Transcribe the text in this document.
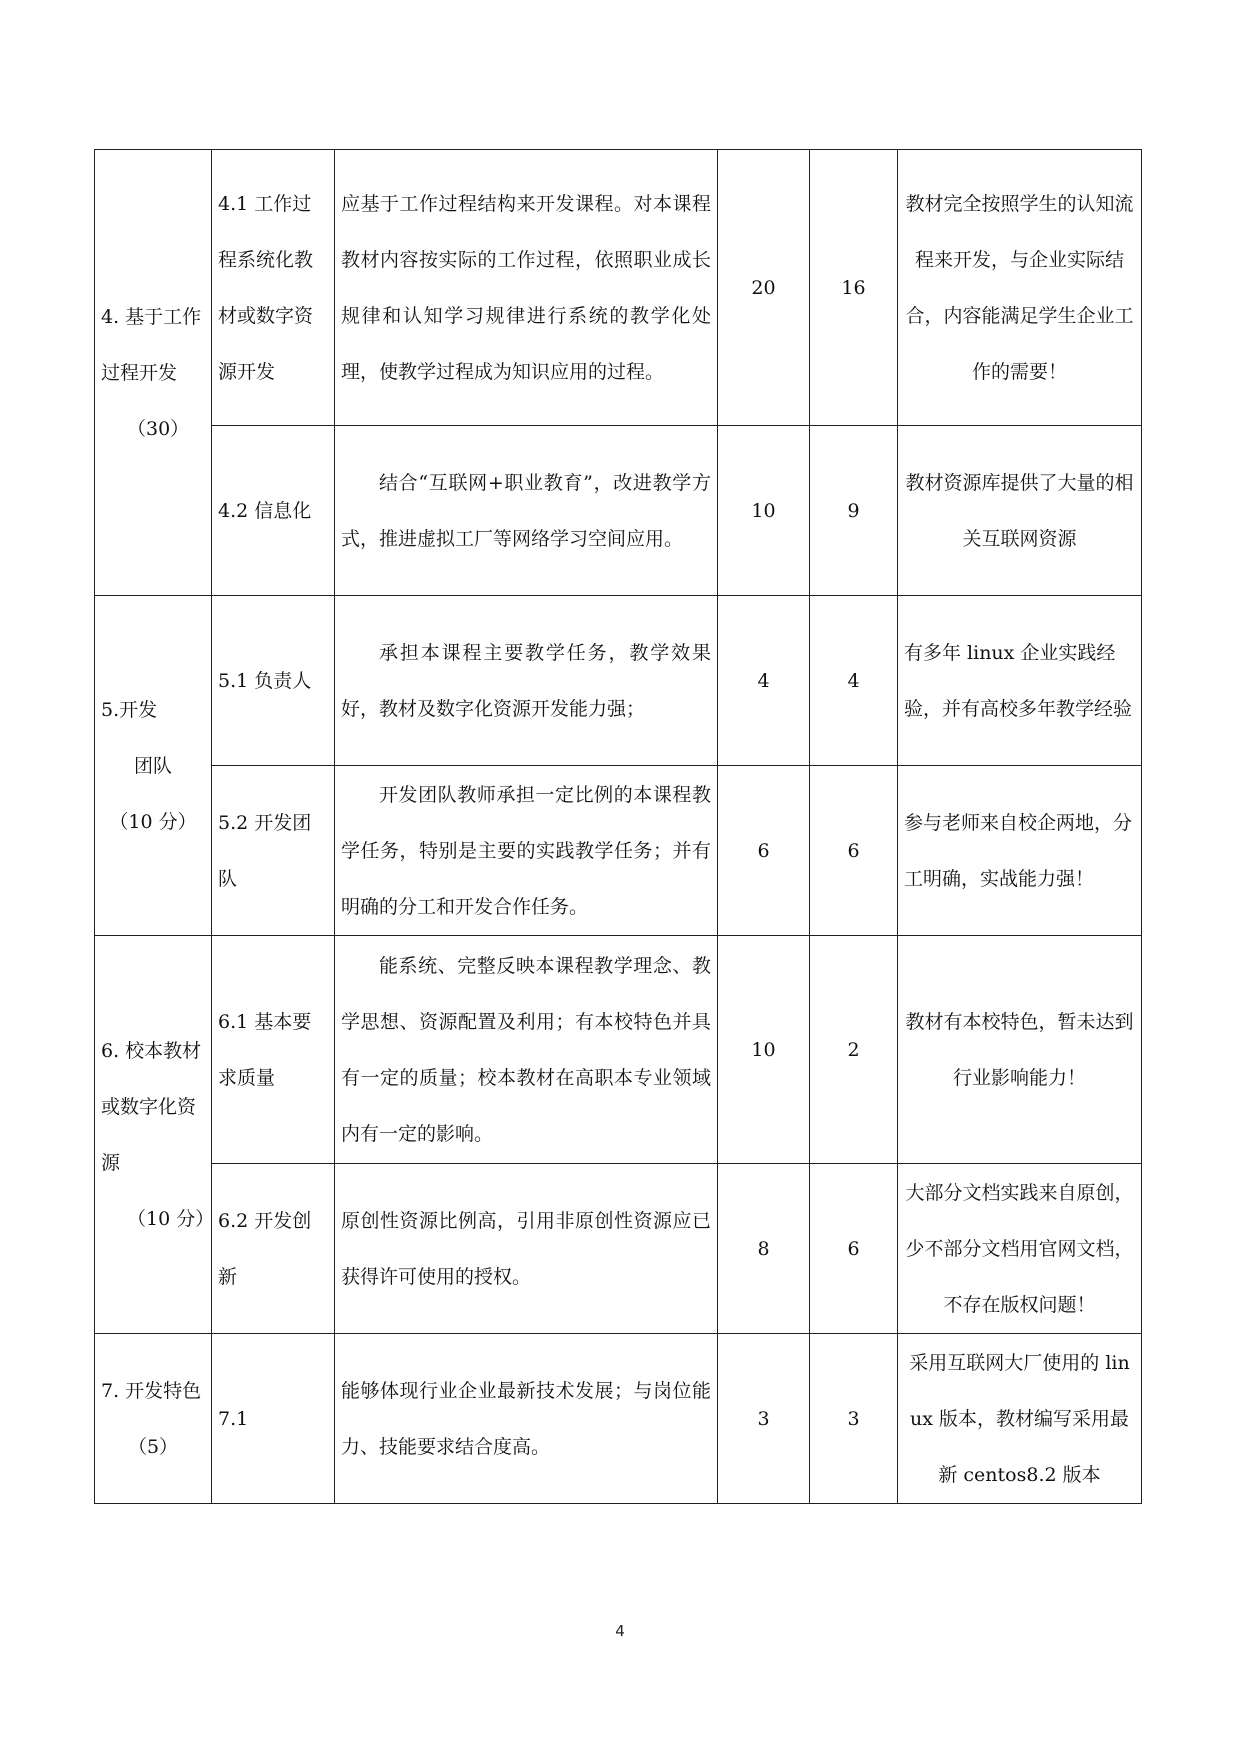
4. 基于工作过程开发
（30）	4.1 工作过程系统化教材或数字资源开发	应基于工作过程结构来开发课程。对本课程教材内容按实际的工作过程，依照职业成长规律和认知学习规律进行系统的教学化处理，使教学过程成为知识应用的过程。	20	16	教材完全按照学生的认知流程来开发，与企业实际结合，内容能满足学生企业工作的需要！
	4.2 信息化	结合“互联网+职业教育”，改进教学方式，推进虚拟工厂等网络学习空间应用。	10	9	教材资源库提供了大量的相关互联网资源

5.开发
团队
（10 分）	5.1 负责人	承担本课程主要教学任务，教学效果好，教材及数字化资源开发能力强；	4	4	有多年 linux 企业实践经验，并有高校多年教学经验
	5.2 开发团队	开发团队教师承担一定比例的本课程教学任务，特别是主要的实践教学任务；并有明确的分工和开发合作任务。	6	6	参与老师来自校企两地，分工明确，实战能力强！

6. 校本教材或数字化资源
（10 分）	6.1 基本要求质量	能系统、完整反映本课程教学理念、教学思想、资源配置及利用；有本校特色并具有一定的质量；校本教材在高职本专业领域内有一定的影响。	10	2	教材有本校特色，暂未达到行业影响能力！
	6.2 开发创新	原创性资源比例高，引用非原创性资源应已获得许可使用的授权。	8	6	大部分文档实践来自原创，少不部分文档用官网文档，不存在版权问题！

7. 开发特色
（5）	7.1	能够体现行业企业最新技术发展；与岗位能力、技能要求结合度高。	3	3	采用互联网大厂使用的 linux 版本，教材编写采用最新 centos8.2 版本
4
